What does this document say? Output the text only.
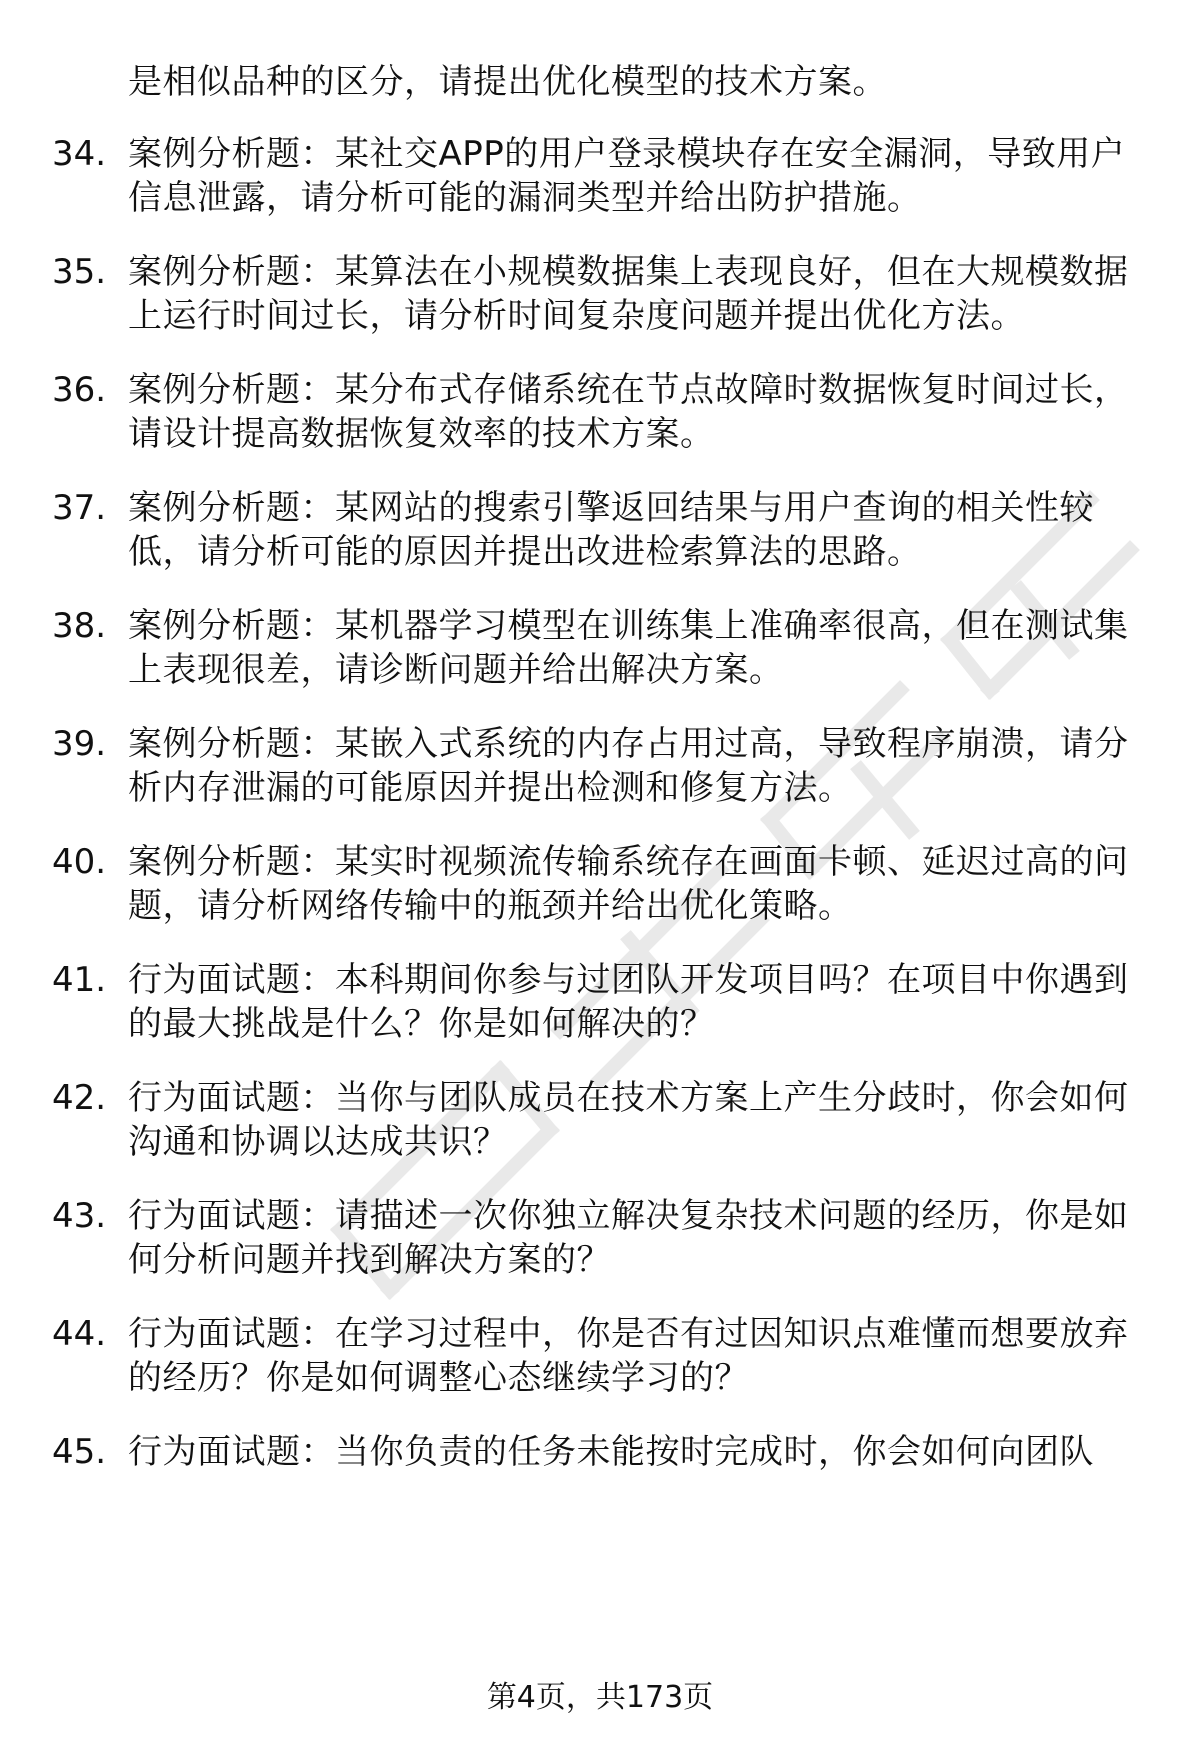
是相似品种的区分，请提出优化模型的技术方案。
34. 案例分析题：某社交APP的用户登录模块存在安全漏洞，导致用户信息泄露，请分析可能的漏洞类型并给出防护措施。
35. 案例分析题：某算法在小规模数据集上表现良好，但在大规模数据上运行时间过长，请分析时间复杂度问题并提出优化方法。
36. 案例分析题：某分布式存储系统在节点故障时数据恢复时间过长，请设计提高数据恢复效率的技术方案。
37. 案例分析题：某网站的搜索引擎返回结果与用户查询的相关性较低，请分析可能的原因并提出改进检索算法的思路。
38. 案例分析题：某机器学习模型在训练集上准确率很高，但在测试集上表现很差，请诊断问题并给出解决方案。
39. 案例分析题：某嵌入式系统的内存占用过高，导致程序崩溃，请分析内存泄漏的可能原因并提出检测和修复方法。
40. 案例分析题：某实时视频流传输系统存在画面卡顿、延迟过高的问题，请分析网络传输中的瓶颈并给出优化策略。
41. 行为面试题：本科期间你参与过团队开发项目吗？在项目中你遇到的最大挑战是什么？你是如何解决的？
42. 行为面试题：当你与团队成员在技术方案上产生分歧时，你会如何沟通和协调以达成共识？
43. 行为面试题：请描述一次你独立解决复杂技术问题的经历，你是如何分析问题并找到解决方案的？
44. 行为面试题：在学习过程中，你是否有过因知识点难懂而想要放弃的经历？你是如何调整心态继续学习的？
45. 行为面试题：当你负责的任务未能按时完成时，你会如何向团队
第4页，共173页
